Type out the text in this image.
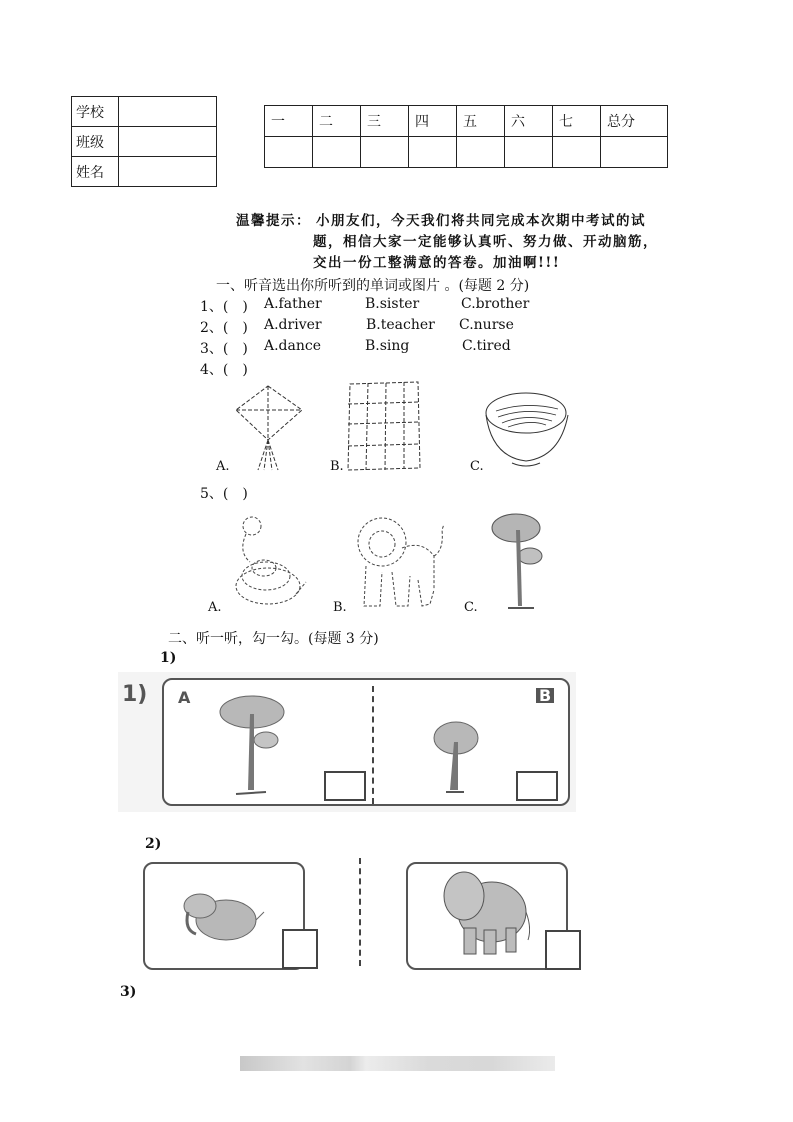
学校	
班级	
姓名	
一	二	三	四	五	六	七	总分

温馨提示： 小朋友们，今天我们将共同完成本次期中考试的试
题，相信大家一定能够认真听、努力做、开动脑筋，
交出一份工整满意的答卷。加油啊!!!
一、听音选出你所听到的单词或图片 。(每题 2 分)
1、(　) A.father	B.sister	C.brother
2、(　) A.driver	B.teacher C.nurse
3、(　) A.dance	B.sing	C.tired
4、(　)
A.	B.	C.
5、(　)
A.	B.	C.
二、听一听，勾一勾。(每题 3 分)
1)
1) A	B
2)
3)
